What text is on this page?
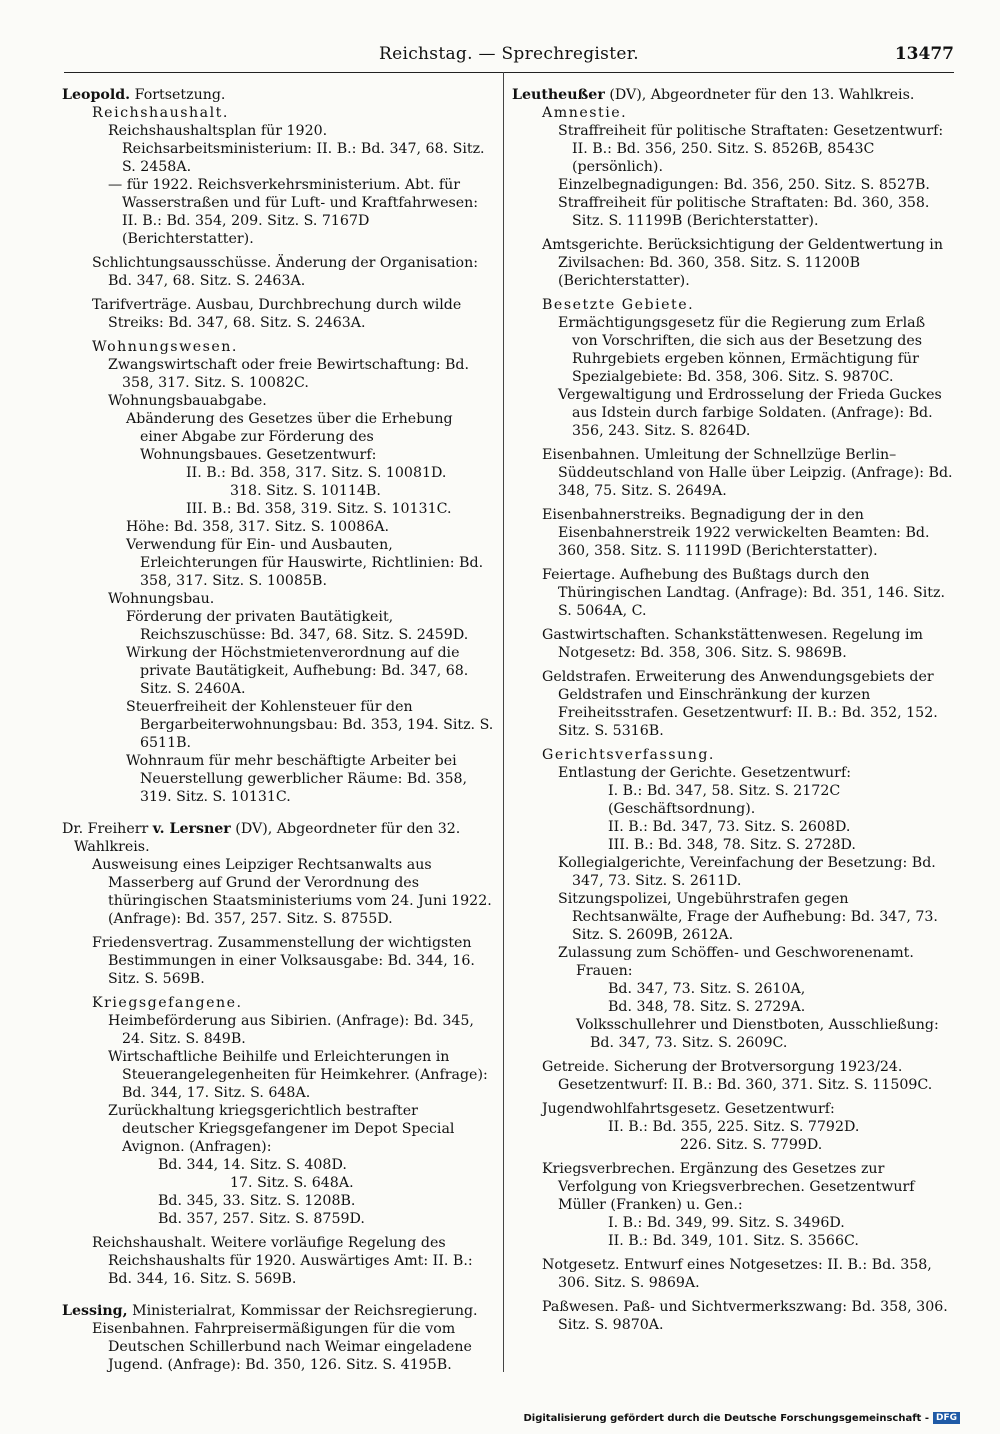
Reichstag. — Sprechregister.	13477

Leopold. Fortsetzung.

Reichshaushalt.

Reichshaushaltsplan für 1920. Reichsarbeitsministerium: II. B.: Bd. 347, 68. Sitz. S. 2458A.

— für 1922. Reichsverkehrsministerium. Abt. für Wasserstraßen und für Luft- und Kraftfahrwesen: II. B.: Bd. 354, 209. Sitz. S. 7167D (Berichterstatter).

Schlichtungsausschüsse. Änderung der Organisation: Bd. 347, 68. Sitz. S. 2463A.

Tarifverträge. Ausbau, Durchbrechung durch wilde Streiks: Bd. 347, 68. Sitz. S. 2463A.

Wohnungswesen.

Zwangswirtschaft oder freie Bewirtschaftung: Bd. 358, 317. Sitz. S. 10082C.

Wohnungsbauabgabe.

Abänderung des Gesetzes über die Erhebung einer Abgabe zur Förderung des Wohnungsbaues. Gesetzentwurf:

II. B.: Bd. 358, 317. Sitz. S. 10081D.

318. Sitz. S. 10114B.

III. B.: Bd. 358, 319. Sitz. S. 10131C.

Höhe: Bd. 358, 317. Sitz. S. 10086A.

Verwendung für Ein- und Ausbauten, Erleichterungen für Hauswirte, Richtlinien: Bd. 358, 317. Sitz. S. 10085B.

Wohnungsbau.

Förderung der privaten Bautätigkeit, Reichszuschüsse: Bd. 347, 68. Sitz. S. 2459D.

Wirkung der Höchstmietenverordnung auf die private Bautätigkeit, Aufhebung: Bd. 347, 68. Sitz. S. 2460A.

Steuerfreiheit der Kohlensteuer für den Bergarbeiterwohnungsbau: Bd. 353, 194. Sitz. S. 6511B.

Wohnraum für mehr beschäftigte Arbeiter bei Neuerstellung gewerblicher Räume: Bd. 358, 319. Sitz. S. 10131C.

Dr. Freiherr v. Lersner (DV), Abgeordneter für den 32. Wahlkreis.

Ausweisung eines Leipziger Rechtsanwalts aus Masserberg auf Grund der Verordnung des thüringischen Staatsministeriums vom 24. Juni 1922. (Anfrage): Bd. 357, 257. Sitz. S. 8755D.

Friedensvertrag. Zusammenstellung der wichtigsten Bestimmungen in einer Volksausgabe: Bd. 344, 16. Sitz. S. 569B.

Kriegsgefangene.

Heimbeförderung aus Sibirien. (Anfrage): Bd. 345, 24. Sitz. S. 849B.

Wirtschaftliche Beihilfe und Erleichterungen in Steuerangelegenheiten für Heimkehrer. (Anfrage): Bd. 344, 17. Sitz. S. 648A.

Zurückhaltung kriegsgerichtlich bestrafter deutscher Kriegsgefangener im Depot Special Avignon. (Anfragen):

Bd. 344, 14. Sitz. S. 408D.

17. Sitz. S. 648A.

Bd. 345, 33. Sitz. S. 1208B.

Bd. 357, 257. Sitz. S. 8759D.

Reichshaushalt. Weitere vorläufige Regelung des Reichshaushalts für 1920. Auswärtiges Amt: II. B.: Bd. 344, 16. Sitz. S. 569B.

Lessing, Ministerialrat, Kommissar der Reichsregierung.

Eisenbahnen. Fahrpreisermäßigungen für die vom Deutschen Schillerbund nach Weimar eingeladene Jugend. (Anfrage): Bd. 350, 126. Sitz. S. 4195B.

Leutheußer (DV), Abgeordneter für den 13. Wahlkreis.

Amnestie.

Straffreiheit für politische Straftaten: Gesetzentwurf: II. B.: Bd. 356, 250. Sitz. S. 8526B, 8543C (persönlich).

Einzelbegnadigungen: Bd. 356, 250. Sitz. S. 8527B.

Straffreiheit für politische Straftaten: Bd. 360, 358. Sitz. S. 11199B (Berichterstatter).

Amtsgerichte. Berücksichtigung der Geldentwertung in Zivilsachen: Bd. 360, 358. Sitz. S. 11200B (Berichterstatter).

Besetzte Gebiete.

Ermächtigungsgesetz für die Regierung zum Erlaß von Vorschriften, die sich aus der Besetzung des Ruhrgebiets ergeben können, Ermächtigung für Spezialgebiete: Bd. 358, 306. Sitz. S. 9870C.

Vergewaltigung und Erdrosselung der Frieda Guckes aus Idstein durch farbige Soldaten. (Anfrage): Bd. 356, 243. Sitz. S. 8264D.

Eisenbahnen. Umleitung der Schnellzüge Berlin–Süddeutschland von Halle über Leipzig. (Anfrage): Bd. 348, 75. Sitz. S. 2649A.

Eisenbahnerstreiks. Begnadigung der in den Eisenbahnerstreik 1922 verwickelten Beamten: Bd. 360, 358. Sitz. S. 11199D (Berichterstatter).

Feiertage. Aufhebung des Bußtags durch den Thüringischen Landtag. (Anfrage): Bd. 351, 146. Sitz. S. 5064A, C.

Gastwirtschaften. Schankstättenwesen. Regelung im Notgesetz: Bd. 358, 306. Sitz. S. 9869B.

Geldstrafen. Erweiterung des Anwendungsgebiets der Geldstrafen und Einschränkung der kurzen Freiheitsstrafen. Gesetzentwurf: II. B.: Bd. 352, 152. Sitz. S. 5316B.

Gerichtsverfassung.

Entlastung der Gerichte. Gesetzentwurf:

I. B.: Bd. 347, 58. Sitz. S. 2172C (Geschäftsordnung).

II. B.: Bd. 347, 73. Sitz. S. 2608D.

III. B.: Bd. 348, 78. Sitz. S. 2728D.

Kollegialgerichte, Vereinfachung der Besetzung: Bd. 347, 73. Sitz. S. 2611D.

Sitzungspolizei, Ungebührstrafen gegen Rechtsanwälte, Frage der Aufhebung: Bd. 347, 73. Sitz. S. 2609B, 2612A.

Zulassung zum Schöffen- und Geschworenenamt.

Frauen:

Bd. 347, 73. Sitz. S. 2610A,

Bd. 348, 78. Sitz. S. 2729A.

Volksschullehrer und Dienstboten, Ausschließung: Bd. 347, 73. Sitz. S. 2609C.

Getreide. Sicherung der Brotversorgung 1923/24. Gesetzentwurf: II. B.: Bd. 360, 371. Sitz. S. 11509C.

Jugendwohlfahrtsgesetz. Gesetzentwurf:

II. B.: Bd. 355, 225. Sitz. S. 7792D.

226. Sitz. S. 7799D.

Kriegsverbrechen. Ergänzung des Gesetzes zur Verfolgung von Kriegsverbrechen. Gesetzentwurf Müller (Franken) u. Gen.:

I. B.: Bd. 349, 99. Sitz. S. 3496D.

II. B.: Bd. 349, 101. Sitz. S. 3566C.

Notgesetz. Entwurf eines Notgesetzes: II. B.: Bd. 358, 306. Sitz. S. 9869A.

Paßwesen. Paß- und Sichtvermerkszwang: Bd. 358, 306. Sitz. S. 9870A.

Digitalisierung gefördert durch die Deutsche Forschungsgemeinschaft - DFG
